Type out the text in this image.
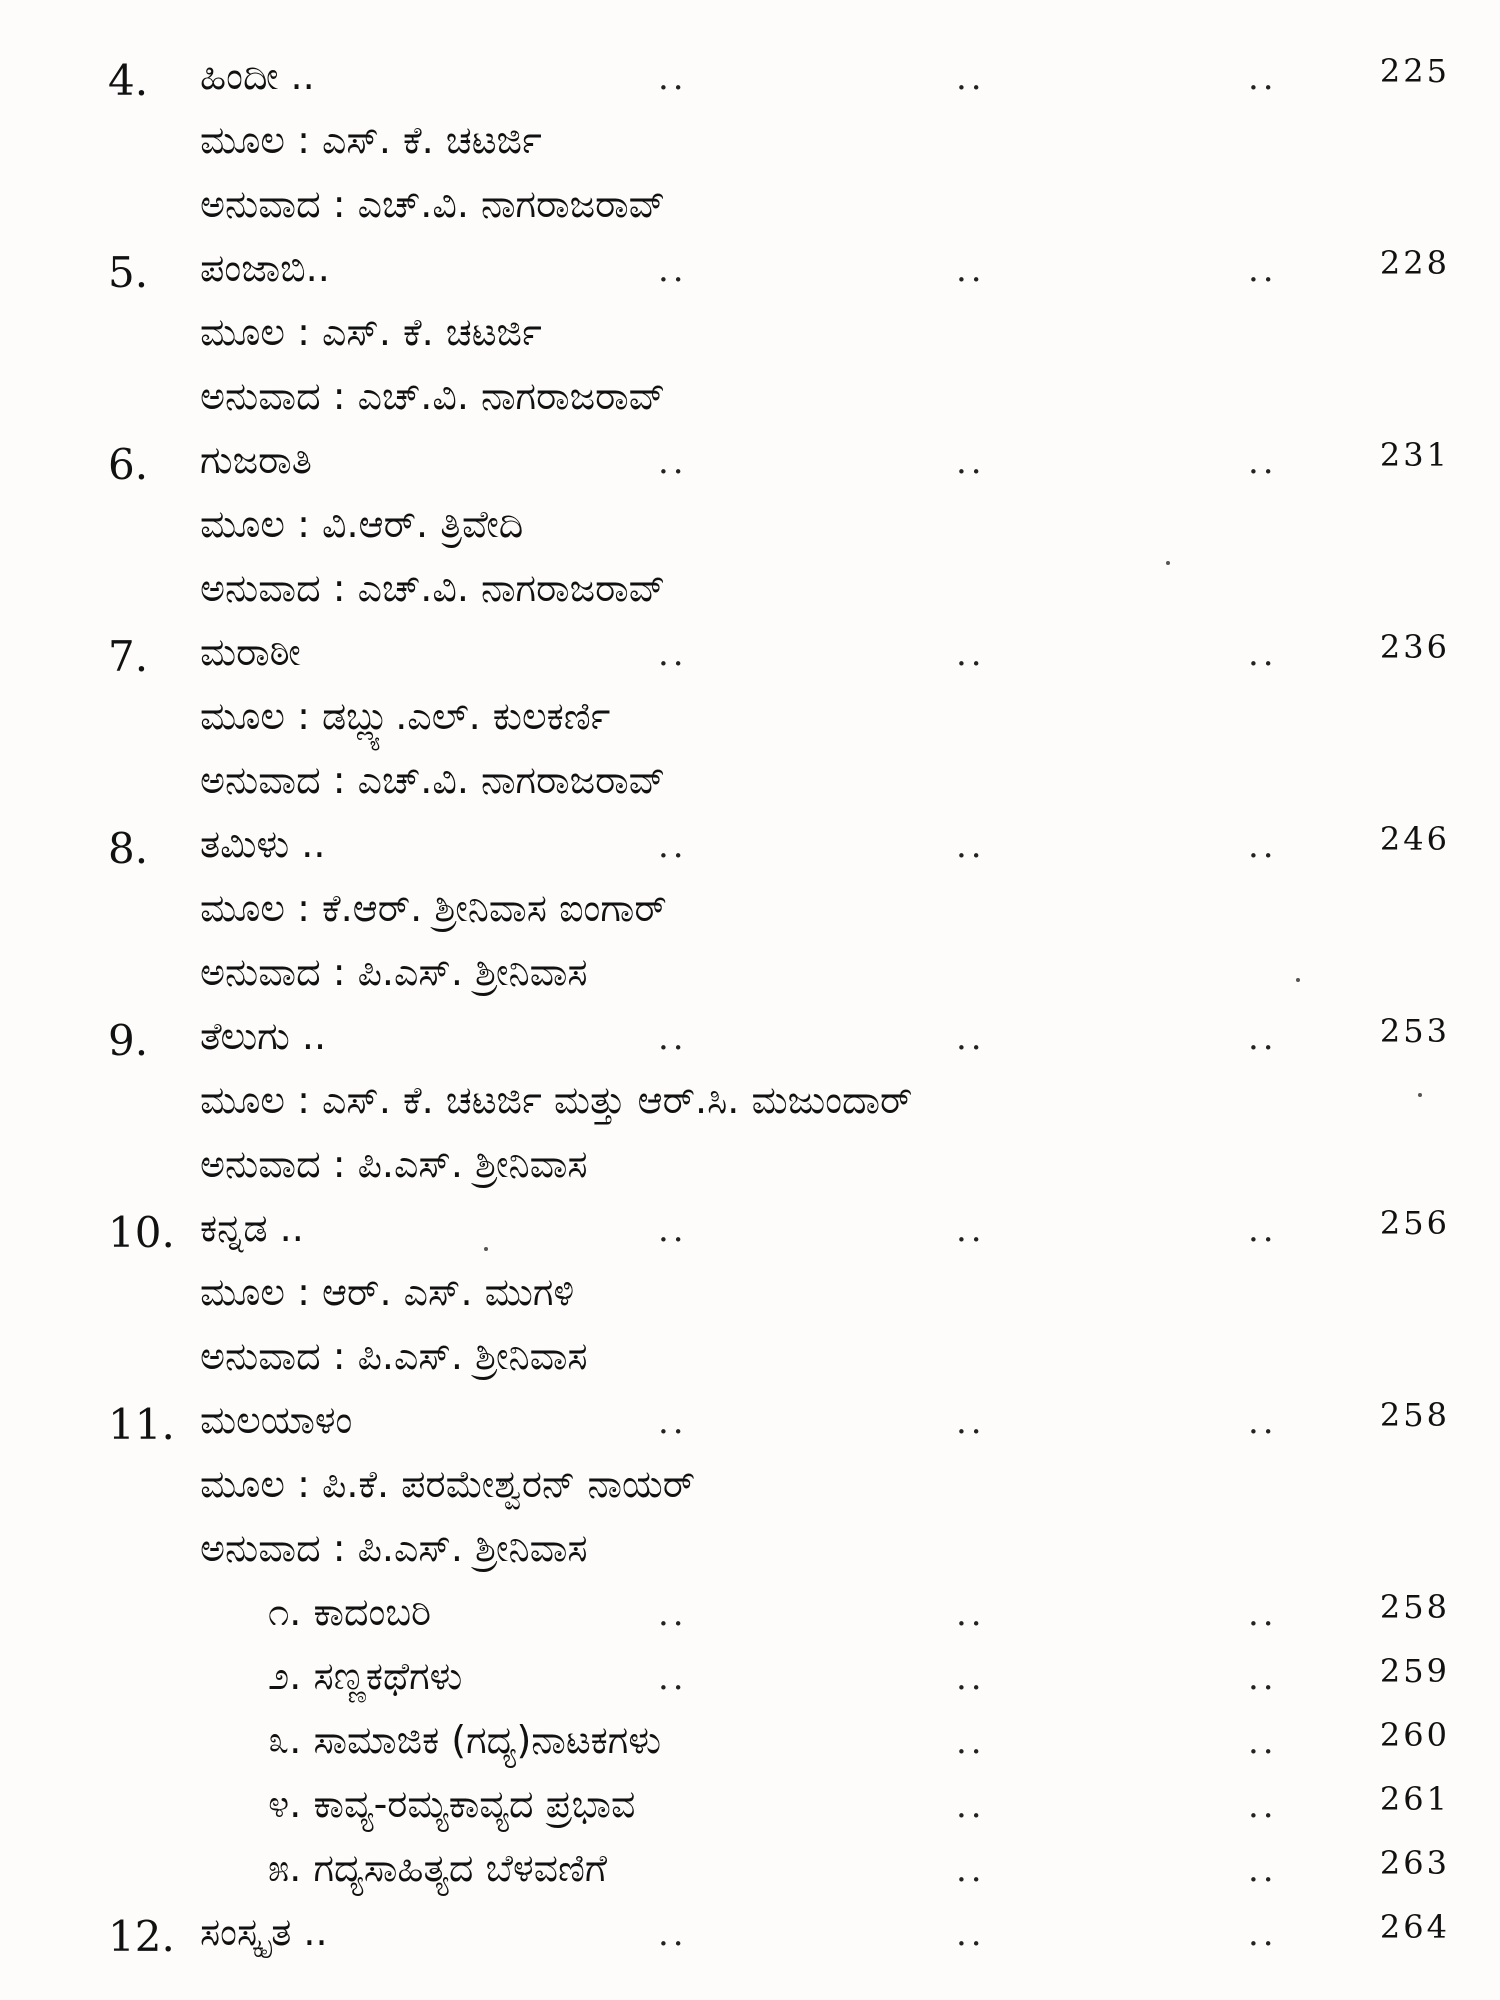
4. ಹಿಂದೀ ..	..	..	..	225
ಮೂಲ : ಎಸ್. ಕೆ. ಚಟರ್ಜಿ
ಅನುವಾದ : ಎಚ್.ವಿ. ನಾಗರಾಜರಾವ್
5. ಪಂಜಾಬಿ..	..	..	..	228
ಮೂಲ : ಎಸ್. ಕೆ. ಚಟರ್ಜಿ
ಅನುವಾದ : ಎಚ್.ವಿ. ನಾಗರಾಜರಾವ್
6. ಗುಜರಾತಿ	..	..	..	231
ಮೂಲ : ವಿ.ಆರ್. ತ್ರಿವೇದಿ
ಅನುವಾದ : ಎಚ್.ವಿ. ನಾಗರಾಜರಾವ್
7. ಮರಾಠೀ	..	..	..	236
ಮೂಲ : ಡಬ್ಲ್ಯು.ಎಲ್. ಕುಲಕರ್ಣಿ
ಅನುವಾದ : ಎಚ್.ವಿ. ನಾಗರಾಜರಾವ್
8. ತಮಿಳು ..	..	..	..	246
ಮೂಲ : ಕೆ.ಆರ್. ಶ್ರೀನಿವಾಸ ಐಂಗಾರ್
ಅನುವಾದ : ಪಿ.ಎಸ್. ಶ್ರೀನಿವಾಸ
9. ತೆಲುಗು ..	..	..	..	253
ಮೂಲ : ಎಸ್. ಕೆ. ಚಟರ್ಜಿ ಮತ್ತು ಆರ್.ಸಿ. ಮಜುಂದಾರ್
ಅನುವಾದ : ಪಿ.ಎಸ್. ಶ್ರೀನಿವಾಸ
10. ಕನ್ನಡ ..	..	..	..	256
ಮೂಲ : ಆರ್. ಎಸ್. ಮುಗಳಿ
ಅನುವಾದ : ಪಿ.ಎಸ್. ಶ್ರೀನಿವಾಸ
11. ಮಲಯಾಳಂ	..	..	..	258
ಮೂಲ : ಪಿ.ಕೆ. ಪರಮೇಶ್ವರನ್ ನಾಯರ್
ಅನುವಾದ : ಪಿ.ಎಸ್. ಶ್ರೀನಿವಾಸ
೧. ಕಾದಂಬರಿ	..	..	..	258
೨. ಸಣ್ಣಕಥೆಗಳು	..	..	..	259
೩. ಸಾಮಾಜಿಕ (ಗದ್ಯ)ನಾಟಕಗಳು	..	..	260
೪. ಕಾವ್ಯ-ರಮ್ಯಕಾವ್ಯದ ಪ್ರಭಾವ	..	..	261
೫. ಗದ್ಯಸಾಹಿತ್ಯದ ಬೆಳವಣಿಗೆ	..	..	263
12. ಸಂಸ್ಕೃತ ..	..	..	..	264
